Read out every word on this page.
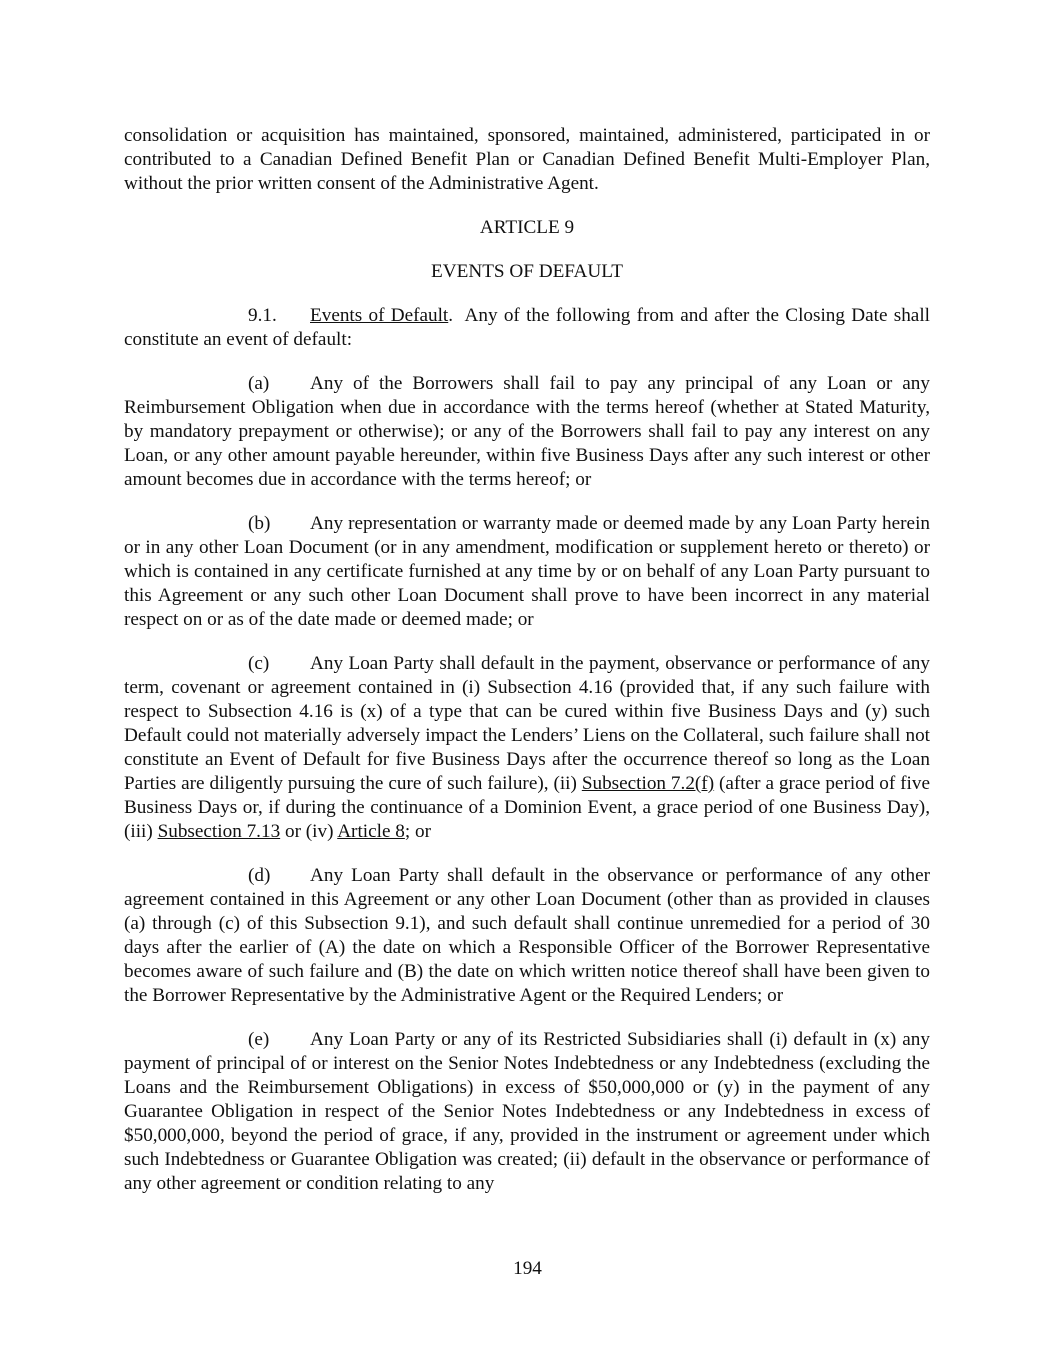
consolidation or acquisition has maintained, sponsored, maintained, administered, participated in or contributed to a Canadian Defined Benefit Plan or Canadian Defined Benefit Multi-Employer Plan, without the prior written consent of the Administrative Agent.

ARTICLE 9

EVENTS OF DEFAULT

9.1. Events of Default. Any of the following from and after the Closing Date shall constitute an event of default:

(a) Any of the Borrowers shall fail to pay any principal of any Loan or any Reimbursement Obligation when due in accordance with the terms hereof (whether at Stated Maturity, by mandatory prepayment or otherwise); or any of the Borrowers shall fail to pay any interest on any Loan, or any other amount payable hereunder, within five Business Days after any such interest or other amount becomes due in accordance with the terms hereof; or

(b) Any representation or warranty made or deemed made by any Loan Party herein or in any other Loan Document (or in any amendment, modification or supplement hereto or thereto) or which is contained in any certificate furnished at any time by or on behalf of any Loan Party pursuant to this Agreement or any such other Loan Document shall prove to have been incorrect in any material respect on or as of the date made or deemed made; or

(c) Any Loan Party shall default in the payment, observance or performance of any term, covenant or agreement contained in (i) Subsection 4.16 (provided that, if any such failure with respect to Subsection 4.16 is (x) of a type that can be cured within five Business Days and (y) such Default could not materially adversely impact the Lenders’ Liens on the Collateral, such failure shall not constitute an Event of Default for five Business Days after the occurrence thereof so long as the Loan Parties are diligently pursuing the cure of such failure), (ii) Subsection 7.2(f) (after a grace period of five Business Days or, if during the continuance of a Dominion Event, a grace period of one Business Day), (iii) Subsection 7.13 or (iv) Article 8; or

(d) Any Loan Party shall default in the observance or performance of any other agreement contained in this Agreement or any other Loan Document (other than as provided in clauses (a) through (c) of this Subsection 9.1), and such default shall continue unremedied for a period of 30 days after the earlier of (A) the date on which a Responsible Officer of the Borrower Representative becomes aware of such failure and (B) the date on which written notice thereof shall have been given to the Borrower Representative by the Administrative Agent or the Required Lenders; or

(e) Any Loan Party or any of its Restricted Subsidiaries shall (i) default in (x) any payment of principal of or interest on the Senior Notes Indebtedness or any Indebtedness (excluding the Loans and the Reimbursement Obligations) in excess of $50,000,000 or (y) in the payment of any Guarantee Obligation in respect of the Senior Notes Indebtedness or any Indebtedness in excess of $50,000,000, beyond the period of grace, if any, provided in the instrument or agreement under which such Indebtedness or Guarantee Obligation was created; (ii) default in the observance or performance of any other agreement or condition relating to any

194
